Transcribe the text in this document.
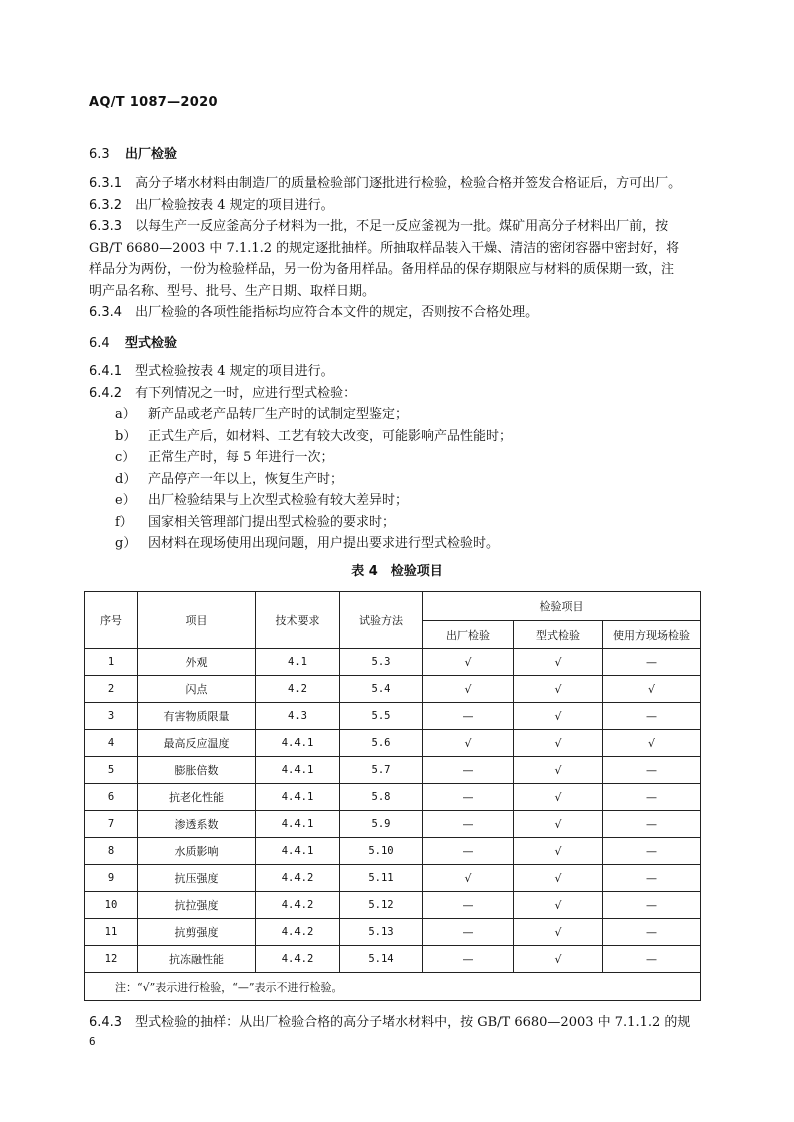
AQ/T 1087—2020
6.3 出厂检验
6.3.1　 高分子堵水材料由制造厂的质量检验部门逐批进行检验，检验合格并签发合格证后，方可出厂。
6.3.2　 出厂检验按表 4 规定的项目进行。
6.3.3　 以每生产一反应釜高分子材料为一批，不足一反应釜视为一批。煤矿用高分子材料出厂前，按
GB/T 6680—2003 中 7.1.1.2 的规定逐批抽样。所抽取样品装入干燥、清洁的密闭容器中密封好，将
样品分为两份，一份为检验样品，另一份为备用样品。备用样品的保存期限应与材料的质保期一致，注
明产品名称、型号、批号、生产日期、取样日期。
6.3.4　 出厂检验的各项性能指标均应符合本文件的规定，否则按不合格处理。
6.4 型式检验
6.4.1　 型式检验按表 4 规定的项目进行。
6.4.2　 有下列情况之一时，应进行型式检验：
a） 新产品或老产品转厂生产时的试制定型鉴定；
b） 正式生产后，如材料、工艺有较大改变，可能影响产品性能时；
c） 正常生产时，每 5 年进行一次；
d） 产品停产一年以上，恢复生产时；
e） 出厂检验结果与上次型式检验有较大差异时；
f） 国家相关管理部门提出型式检验的要求时；
g） 因材料在现场使用出现问题，用户提出要求进行型式检验时。
表 4　检验项目
序号	项目	技术要求	试验方法	检验项目		
				出厂检验	型式检验	使用方现场检验
1	外观	4.1	5.3	√	√	—
2	闪点	4.2	5.4	√	√	√
3	有害物质限量	4.3	5.5	—	√	—
4	最高反应温度	4.4.1	5.6	√	√	√
5	膨胀倍数	4.4.1	5.7	—	√	—
6	抗老化性能	4.4.1	5.8	—	√	—
7	渗透系数	4.4.1	5.9	—	√	—
8	水质影响	4.4.1	5.10	—	√	—
9	抗压强度	4.4.2	5.11	√	√	—
10	抗拉强度	4.4.2	5.12	—	√	—
11	抗剪强度	4.4.2	5.13	—	√	—
12	抗冻融性能	4.4.2	5.14	—	√	—
注：“√”表示进行检验，“—”表示不进行检验。						
6.4.3　 型式检验的抽样：从出厂检验合格的高分子堵水材料中，按 GB/T 6680—2003 中 7.1.1.2 的规
6
